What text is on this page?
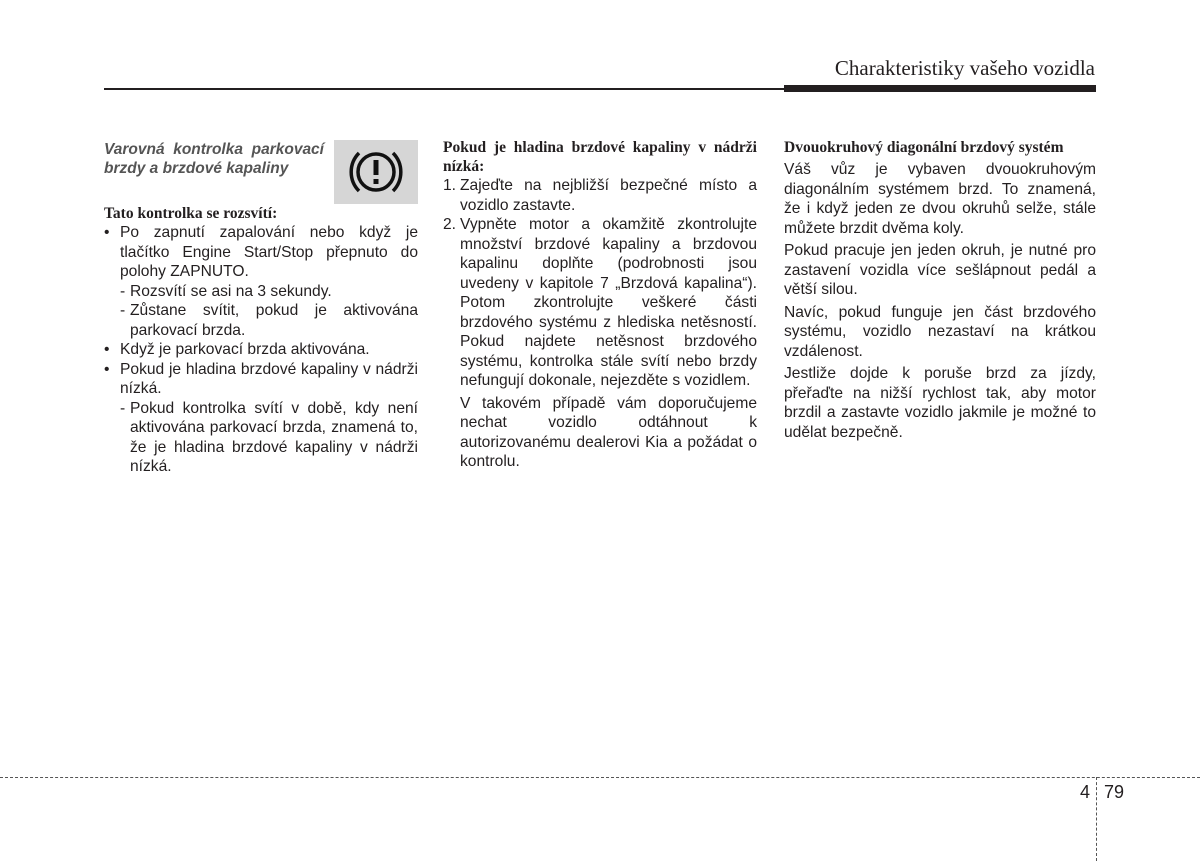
Charakteristiky vašeho vozidla

Varovná kontrolka parkovací brzdy a brzdové kapaliny

Tato kontrolka se rozsvítí:

• Po zapnutí zapalování nebo když je tlačítko Engine Start/Stop přepnuto do polohy ZAPNUTO.

- Rozsvítí se asi na 3 sekundy.

- Zůstane svítit, pokud je aktivována parkovací brzda.

• Když je parkovací brzda aktivována.

• Pokud je hladina brzdové kapaliny v nádrži nízká.

- Pokud kontrolka svítí v době, kdy není aktivována parkovací brzda, znamená to, že je hladina brzdové kapaliny v nádrži nízká.

Pokud je hladina brzdové kapaliny v nádrži nízká:

1. Zajeďte na nejbližší bezpečné místo a vozidlo zastavte.

2. Vypněte motor a okamžitě zkontrolujte množství brzdové kapaliny a brzdovou kapalinu doplňte (podrobnosti jsou uvedeny v kapitole 7 „Brzdová kapalina“). Potom zkontrolujte veškeré části brzdového systému z hlediska netěsností. Pokud najdete netěsnost brzdového systému, kontrolka stále svítí nebo brzdy nefungují dokonale, nejezděte s vozidlem.

V takovém případě vám doporučujeme nechat vozidlo odtáhnout k autorizovanému dealerovi Kia a požádat o kontrolu.

Dvouokruhový diagonální brzdový systém

Váš vůz je vybaven dvouokruhovým diagonálním systémem brzd. To znamená, že i když jeden ze dvou okruhů selže, stále můžete brzdit dvěma koly.

Pokud pracuje jen jeden okruh, je nutné pro zastavení vozidla více sešlápnout pedál a větší silou.

Navíc, pokud funguje jen část brzdového systému, vozidlo nezastaví na krátkou vzdálenost.

Jestliže dojde k poruše brzd za jízdy, přeřaďte na nižší rychlost tak, aby motor brzdil a zastavte vozidlo jakmile je možné to udělat bezpečně.

4 79
